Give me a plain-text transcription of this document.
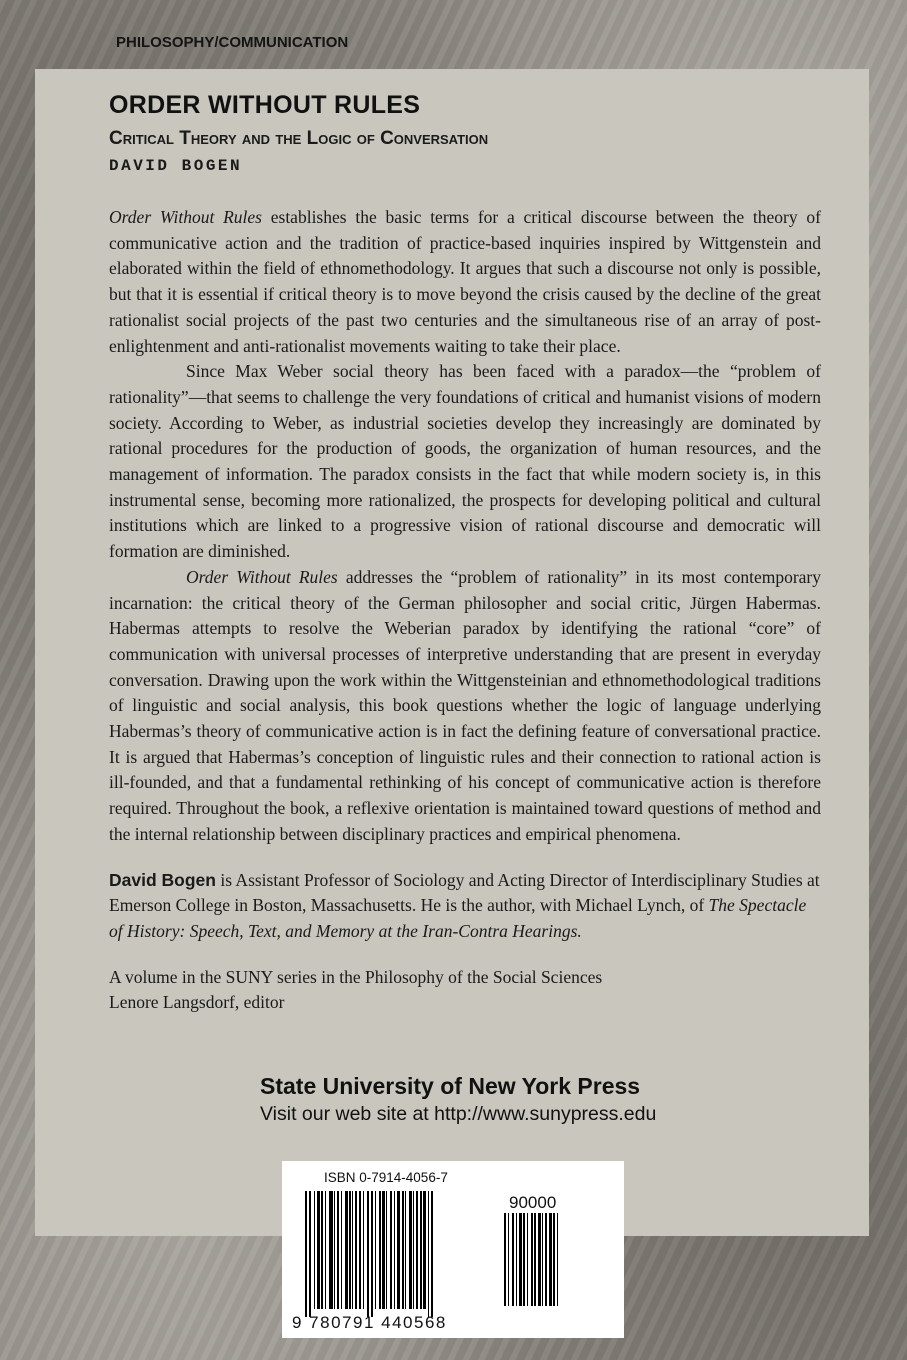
PHILOSOPHY/COMMUNICATION
ORDER WITHOUT RULES
Critical Theory and the Logic of Conversation
DAVID BOGEN

Order Without Rules establishes the basic terms for a critical discourse between the theory of communicative action and the tradition of practice-based inquiries inspired by Wittgenstein and elaborated within the field of ethnomethodology. It argues that such a discourse not only is possible, but that it is essential if critical theory is to move beyond the crisis caused by the decline of the great rationalist social projects of the past two centuries and the simultaneous rise of an array of post-enlightenment and anti-rationalist movements waiting to take their place.

Since Max Weber social theory has been faced with a paradox—the “problem of rationality”—that seems to challenge the very foundations of critical and humanist visions of modern society. According to Weber, as industrial societies develop they increasingly are dominated by rational procedures for the production of goods, the organization of human resources, and the management of information. The paradox consists in the fact that while modern society is, in this instrumental sense, becoming more rationalized, the prospects for developing political and cultural institutions which are linked to a progressive vision of rational discourse and democratic will formation are diminished.

Order Without Rules addresses the “problem of rationality” in its most contemporary incarnation: the critical theory of the German philosopher and social critic, Jürgen Habermas. Habermas attempts to resolve the Weberian paradox by identifying the rational “core” of communication with universal processes of interpretive understanding that are present in everyday conversation. Drawing upon the work within the Wittgensteinian and ethnomethodological traditions of linguistic and social analysis, this book questions whether the logic of language underlying Habermas’s theory of communicative action is in fact the defining feature of conversational practice. It is argued that Habermas’s conception of linguistic rules and their connection to rational action is ill-founded, and that a fundamental rethinking of his concept of communicative action is therefore required. Throughout the book, a reflexive orientation is maintained toward questions of method and the internal relationship between disciplinary practices and empirical phenomena.

David Bogen is Assistant Professor of Sociology and Acting Director of Interdisciplinary Studies at Emerson College in Boston, Massachusetts. He is the author, with Michael Lynch, of The Spectacle of History: Speech, Text, and Memory at the Iran-Contra Hearings.

A volume in the SUNY series in the Philosophy of the Social Sciences
Lenore Langsdorf, editor

State University of New York Press
Visit our web site at http://www.sunypress.edu
ISBN 0-7914-4056-7
90000
9 780791 440568
